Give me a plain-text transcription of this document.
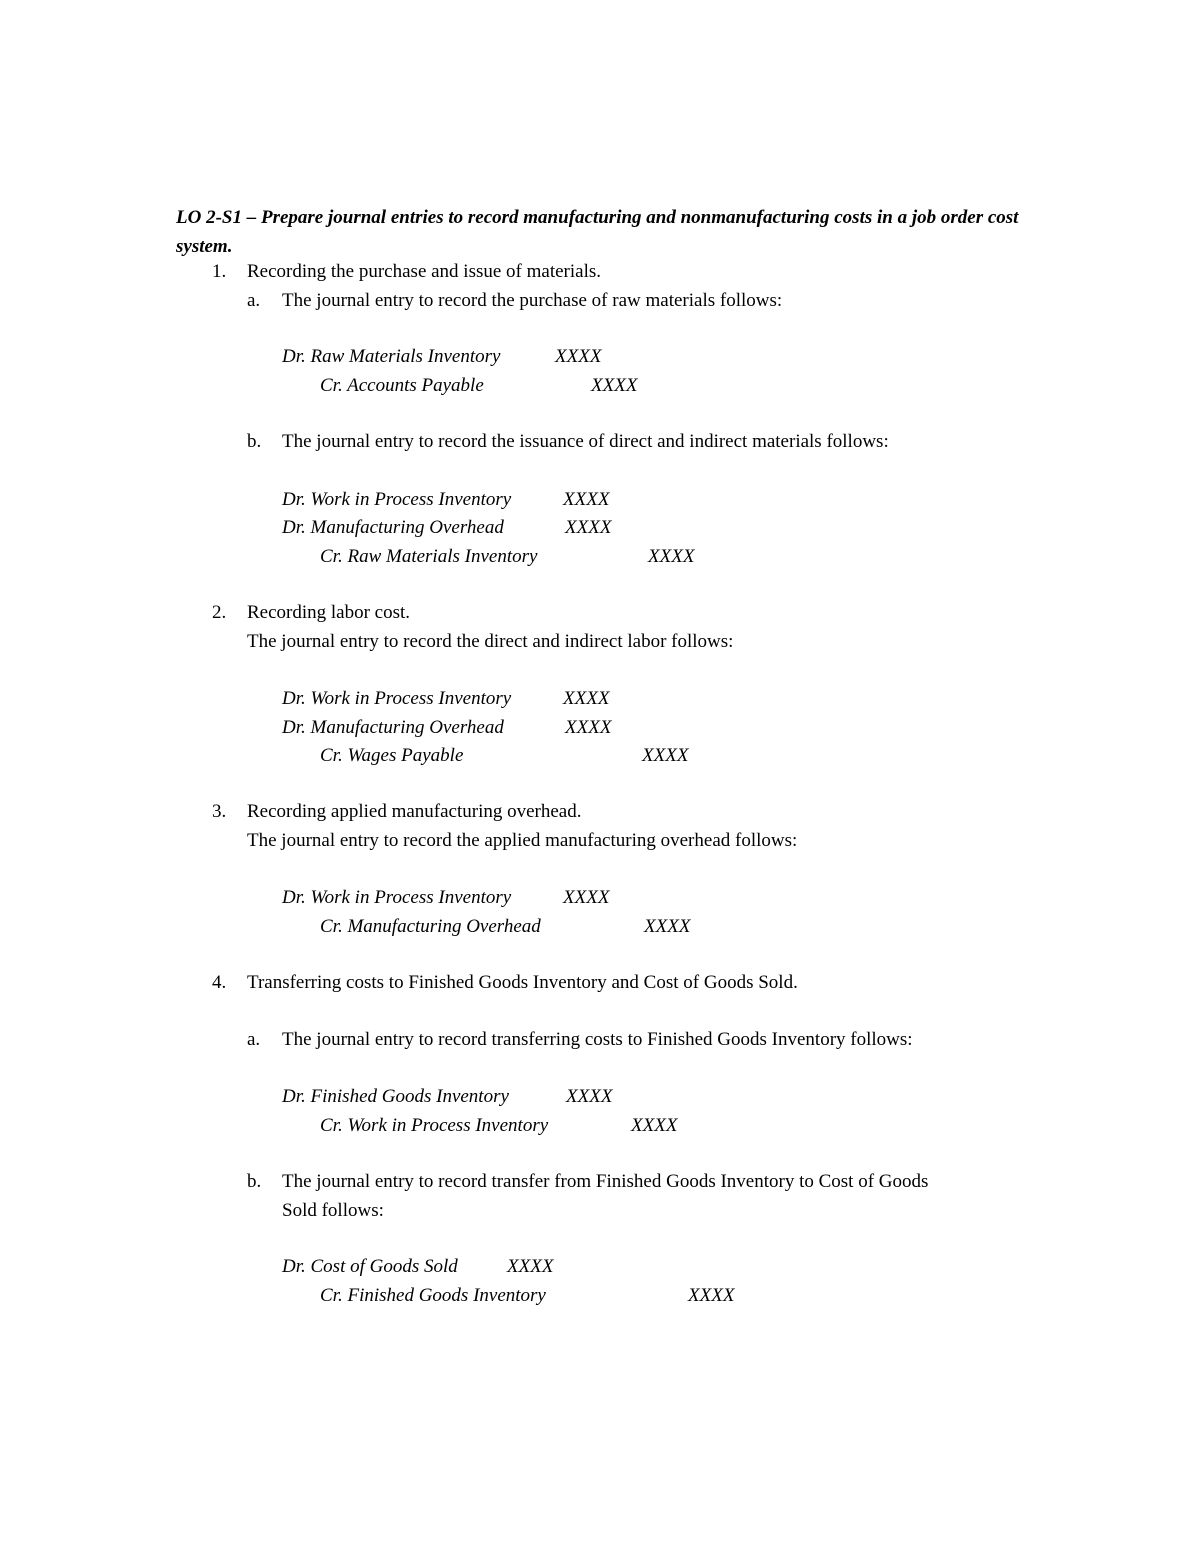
LO 2-S1 – Prepare journal entries to record manufacturing and nonmanufacturing costs in a job order cost system.
1. Recording the purchase and issue of materials.
a. The journal entry to record the purchase of raw materials follows:
Dr. Raw Materials Inventory	XXXX
Cr. Accounts Payable	XXXX
b. The journal entry to record the issuance of direct and indirect materials follows:
Dr. Work in Process Inventory	XXXX
Dr. Manufacturing Overhead	XXXX
Cr. Raw Materials Inventory	XXXX
2. Recording labor cost.
The journal entry to record the direct and indirect labor follows:
Dr. Work in Process Inventory	XXXX
Dr. Manufacturing Overhead	XXXX
Cr. Wages Payable	XXXX
3. Recording applied manufacturing overhead.
The journal entry to record the applied manufacturing overhead follows:
Dr. Work in Process Inventory	XXXX
Cr. Manufacturing Overhead	XXXX
4. Transferring costs to Finished Goods Inventory and Cost of Goods Sold.
a. The journal entry to record transferring costs to Finished Goods Inventory follows:
Dr. Finished Goods Inventory	XXXX
Cr. Work in Process Inventory	XXXX
b. The journal entry to record transfer from Finished Goods Inventory to Cost of Goods
Sold follows:
Dr. Cost of Goods Sold	XXXX
Cr. Finished Goods Inventory	XXXX
